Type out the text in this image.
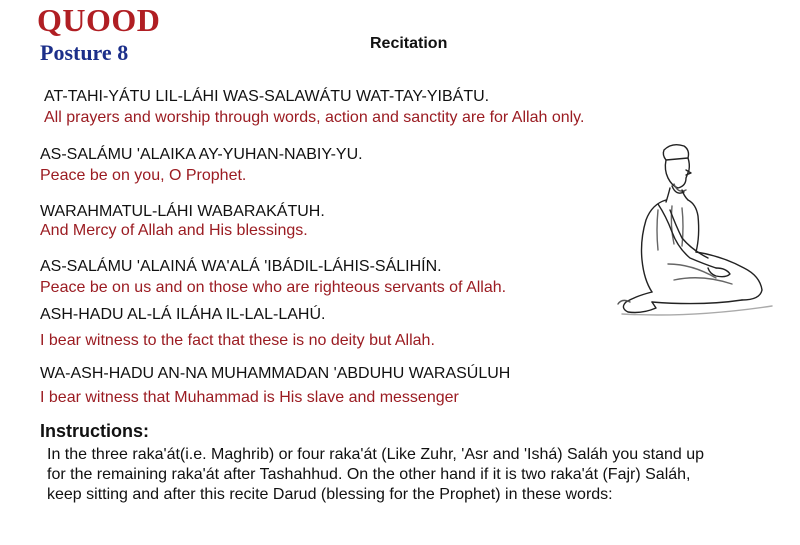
QUOOD
Posture 8	Recitation
AT-TAHI-YÁTU LIL-LÁHI WAS-SALAWÁTU WAT-TAY-YIBÁTU.
All prayers and worship through words, action and sanctity are for Allah only.
AS-SALÁMU 'ALAIKA AY-YUHAN-NABIY-YU.
Peace be on you, O Prophet.
WARAHMATUL-LÁHI WABARAKÁTUH.
And Mercy of Allah and His blessings.
AS-SALÁMU 'ALAINÁ WA'ALÁ 'IBÁDIL-LÁHIS-SÁLIHÍN.
Peace be on us and on those who are righteous servants of Allah.
ASH-HADU AL-LÁ ILÁHA IL-LAL-LAHÚ.
I bear witness to the fact that these is no deity but Allah.
WA-ASH-HADU AN-NA MUHAMMADAN 'ABDUHU WARASÚLUH
I bear witness that Muhammad is His slave and messenger
Instructions:

In the three raka'át(i.e. Maghrib) or four raka'át (Like Zuhr, 'Asr and 'Ishá) Saláh you stand up for the remaining raka'át after Tashahhud. On the other hand if it is two raka'át (Fajr) Saláh, keep sitting and after this recite Darud (blessing for the Prophet) in these words:
